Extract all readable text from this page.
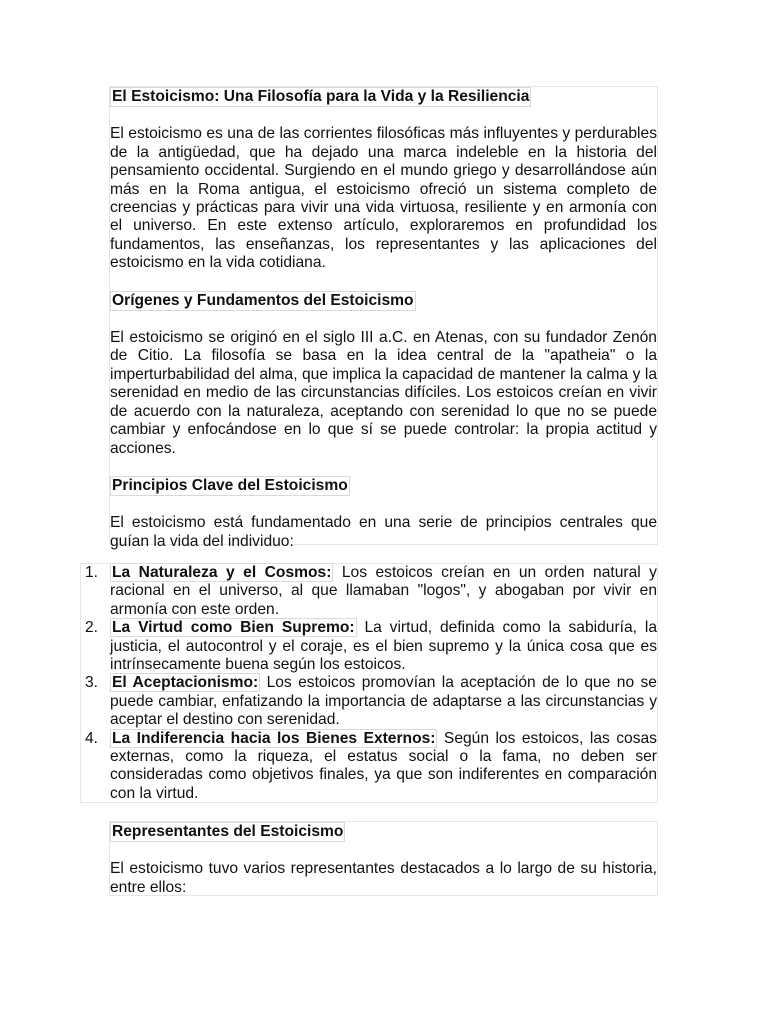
El Estoicismo: Una Filosofía para la Vida y la Resiliencia

El estoicismo es una de las corrientes filosóficas más influyentes y perdurables de la antigüedad, que ha dejado una marca indeleble en la historia del pensamiento occidental. Surgiendo en el mundo griego y desarrollándose aún más en la Roma antigua, el estoicismo ofreció un sistema completo de creencias y prácticas para vivir una vida virtuosa, resiliente y en armonía con el universo. En este extenso artículo, exploraremos en profundidad los fundamentos, las enseñanzas, los representantes y las aplicaciones del estoicismo en la vida cotidiana.

Orígenes y Fundamentos del Estoicismo

El estoicismo se originó en el siglo III a.C. en Atenas, con su fundador Zenón de Citio. La filosofía se basa en la idea central de la "apatheia" o la imperturbabilidad del alma, que implica la capacidad de mantener la calma y la serenidad en medio de las circunstancias difíciles. Los estoicos creían en vivir de acuerdo con la naturaleza, aceptando con serenidad lo que no se puede cambiar y enfocándose en lo que sí se puede controlar: la propia actitud y acciones.

Principios Clave del Estoicismo

El estoicismo está fundamentado en una serie de principios centrales que guían la vida del individuo:

1. La Naturaleza y el Cosmos: Los estoicos creían en un orden natural y racional en el universo, al que llamaban "logos", y abogaban por vivir en armonía con este orden.
2. La Virtud como Bien Supremo: La virtud, definida como la sabiduría, la justicia, el autocontrol y el coraje, es el bien supremo y la única cosa que es intrínsecamente buena según los estoicos.
3. El Aceptacionismo: Los estoicos promovían la aceptación de lo que no se puede cambiar, enfatizando la importancia de adaptarse a las circunstancias y aceptar el destino con serenidad.
4. La Indiferencia hacia los Bienes Externos: Según los estoicos, las cosas externas, como la riqueza, el estatus social o la fama, no deben ser consideradas como objetivos finales, ya que son indiferentes en comparación con la virtud.
Representantes del Estoicismo

El estoicismo tuvo varios representantes destacados a lo largo de su historia, entre ellos:
